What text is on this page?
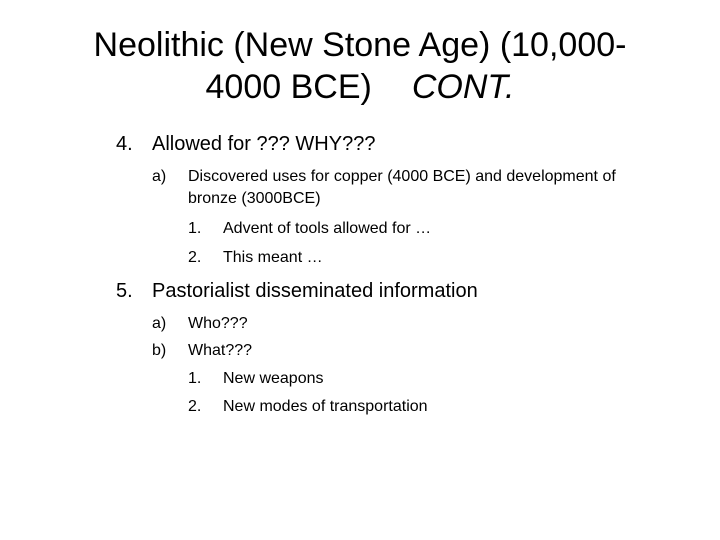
Neolithic (New Stone Age) (10,000-
4000 BCE) CONT.
4. Allowed for ??? WHY???
a) Discovered uses for copper (4000 BCE) and development of
bronze (3000BCE)
1. Advent of tools allowed for …
2. This meant …
5. Pastorialist disseminated information
a) Who???
b) What???
1. New weapons
2. New modes of transportation
